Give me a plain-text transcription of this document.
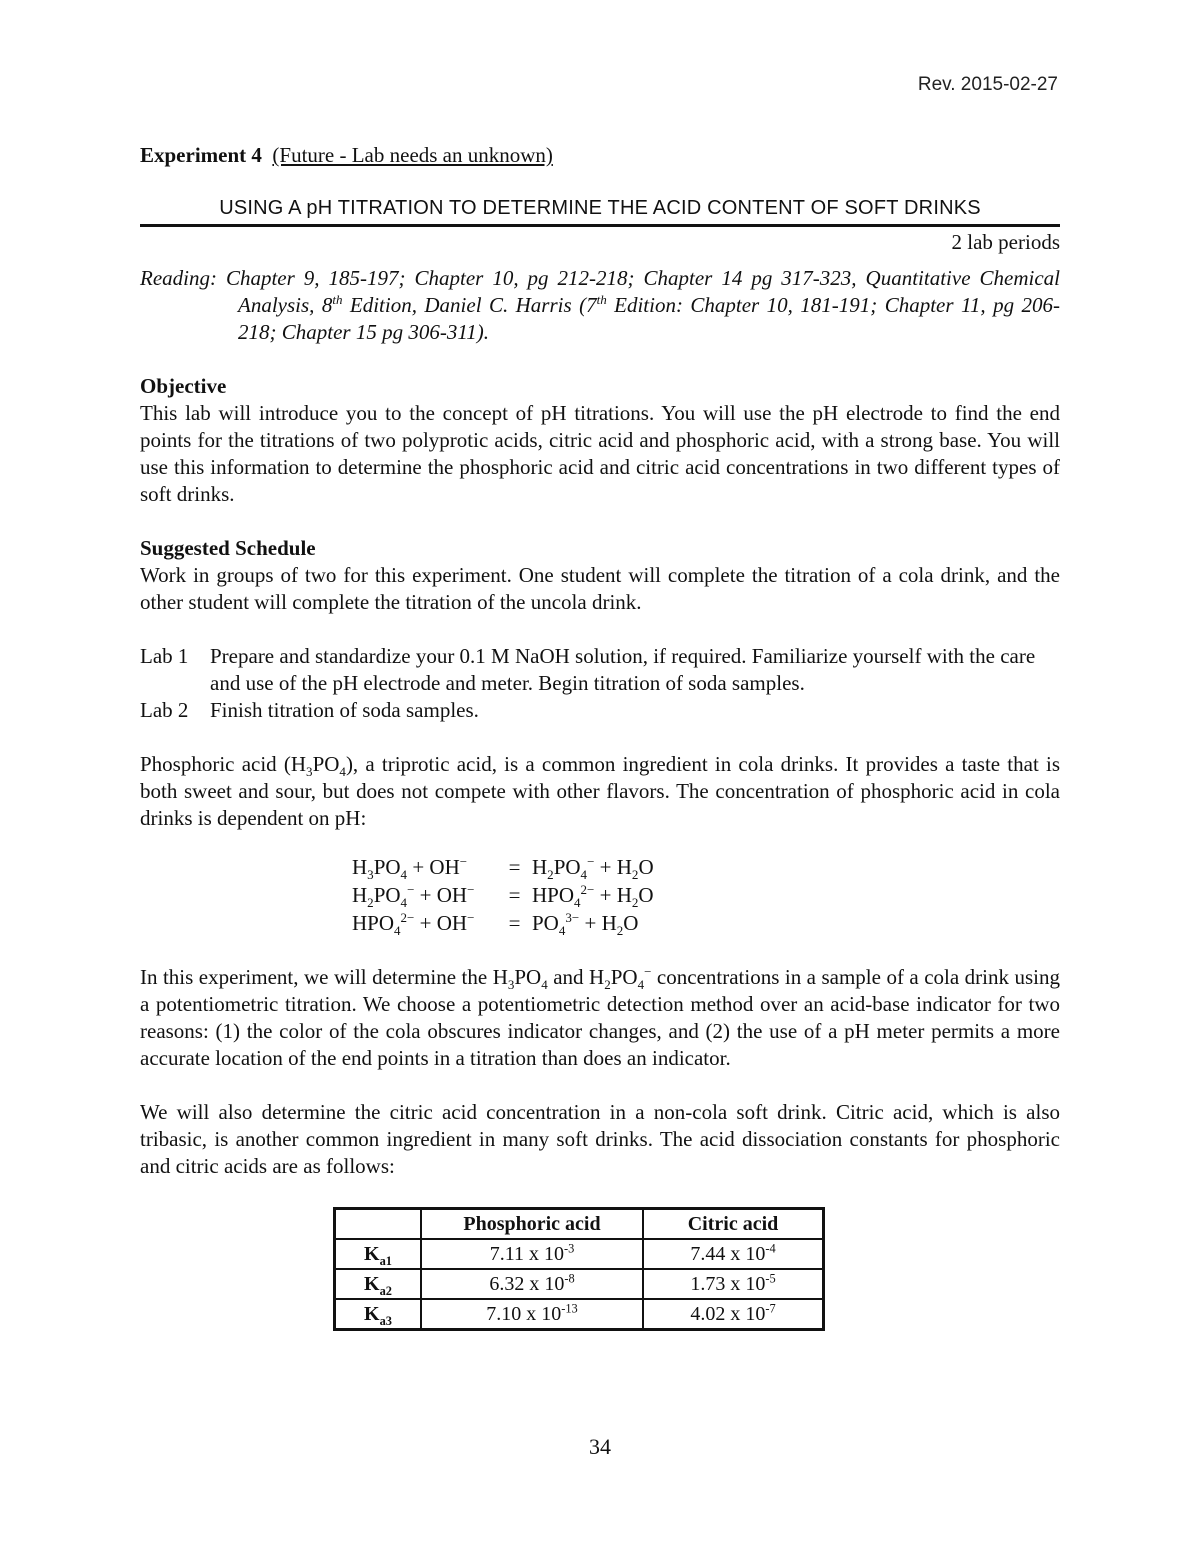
Rev. 2015-02-27

Experiment 4 (Future - Lab needs an unknown)

USING A pH TITRATION TO DETERMINE THE ACID CONTENT OF SOFT DRINKS
2 lab periods
Reading: Chapter 9, 185-197; Chapter 10, pg 212-218; Chapter 14 pg 317-323, Quantitative Chemical Analysis, 8th Edition, Daniel C. Harris (7th Edition: Chapter 10, 181-191; Chapter 11, pg 206-218; Chapter 15 pg 306-311).
Objective

This lab will introduce you to the concept of pH titrations. You will use the pH electrode to find the end points for the titrations of two polyprotic acids, citric acid and phosphoric acid, with a strong base. You will use this information to determine the phosphoric acid and citric acid concentrations in two different types of soft drinks.

Suggested Schedule

Work in groups of two for this experiment. One student will complete the titration of a cola drink, and the other student will complete the titration of the uncola drink.

Lab 1	Prepare and standardize your 0.1 M NaOH solution, if required. Familiarize yourself with the care and use of the pH electrode and meter. Begin titration of soda samples.
Lab 2	Finish titration of soda samples.

Phosphoric acid $(H_3PO_4)$, a triprotic acid, is a common ingredient in cola drinks. It provides a taste that is both sweet and sour, but does not compete with other flavors. The concentration of phosphoric acid in cola drinks is dependent on pH:

$H_3PO_4 + OH^-$	= $H_2PO_4^- + H_2O$
$H_2PO_4^- + OH^-$	= $HPO_4^{2-} + H_2O$
$HPO_4^{2-} + OH^-$	= $PO_4^{3-} + H_2O$

In this experiment, we will determine the $H_3PO_4$ and $H_2PO_4^-$ concentrations in a sample of a cola drink using a potentiometric titration. We choose a potentiometric detection method over an acid-base indicator for two reasons: (1) the color of the cola obscures indicator changes, and (2) the use of a pH meter permits a more accurate location of the end points in a titration than does an indicator.

We will also determine the citric acid concentration in a non-cola soft drink. Citric acid, which is also tribasic, is another common ingredient in many soft drinks. The acid dissociation constants for phosphoric and citric acids are as follows:

	Phosphoric acid	Citric acid
$K_{a1}$	7.11 x $10^{-3}$	7.44 x $10^{-4}$
$K_{a2}$	6.32 x $10^{-8}$	1.73 x $10^{-5}$
$K_{a3}$	7.10 x $10^{-13}$	4.02 x $10^{-7}$
34
